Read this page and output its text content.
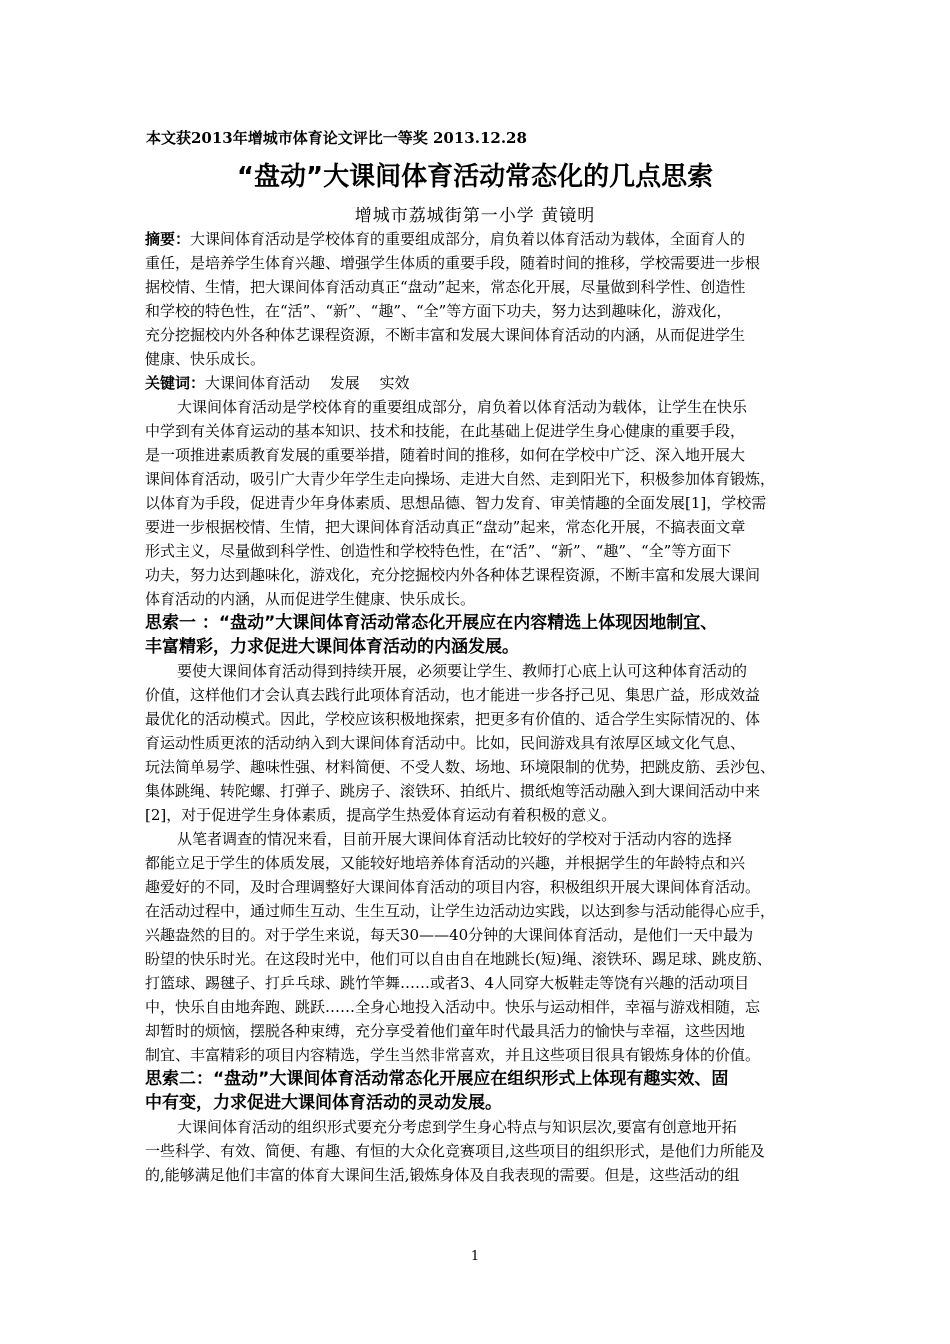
本文获2013年增城市体育论文评比一等奖 2013.12.28
“盘动”大课间体育活动常态化的几点思索
增城市荔城街第一小学 黄镜明
摘要：大课间体育活动是学校体育的重要组成部分，肩负着以体育活动为载体，全面育人的
重任，是培养学生体育兴趣、增强学生体质的重要手段，随着时间的推移，学校需要进一步根
据校情、生情，把大课间体育活动真正“盘动”起来，常态化开展，尽量做到科学性、创造性
和学校的特色性，在“活”、“新”、“趣”、“全”等方面下功夫，努力达到趣味化，游戏化，
充分挖掘校内外各种体艺课程资源，不断丰富和发展大课间体育活动的内涵，从而促进学生
健康、快乐成长。
关键词：大课间体育活动　 发展　 实效
大课间体育活动是学校体育的重要组成部分，肩负着以体育活动为载体，让学生在快乐
中学到有关体育运动的基本知识、技术和技能，在此基础上促进学生身心健康的重要手段，
是一项推进素质教育发展的重要举措，随着时间的推移，如何在学校中广泛、深入地开展大
课间体育活动，吸引广大青少年学生走向操场、走进大自然、走到阳光下，积极参加体育锻炼，
以体育为手段，促进青少年身体素质、思想品德、智力发育、审美情趣的全面发展[1]，学校需
要进一步根据校情、生情，把大课间体育活动真正“盘动”起来，常态化开展，不搞表面文章
形式主义，尽量做到科学性、创造性和学校特色性，在“活”、“新”、“趣”、“全”等方面下
功夫，努力达到趣味化，游戏化，充分挖掘校内外各种体艺课程资源，不断丰富和发展大课间
体育活动的内涵，从而促进学生健康、快乐成长。
思索一 ：“盘动”大课间体育活动常态化开展应在内容精选上体现因地制宜、
丰富精彩，力求促进大课间体育活动的内涵发展。
要使大课间体育活动得到持续开展，必须要让学生、教师打心底上认可这种体育活动的
价值，这样他们才会认真去践行此项体育活动，也才能进一步各抒己见、集思广益，形成效益
最优化的活动模式。因此，学校应该积极地探索，把更多有价值的、适合学生实际情况的、体
育运动性质更浓的活动纳入到大课间体育活动中。比如，民间游戏具有浓厚区域文化气息、
玩法简单易学、趣味性强、材料简便、不受人数、场地、环境限制的优势，把跳皮筋、丢沙包、
集体跳绳、转陀螺、打弹子、跳房子、滚铁环、拍纸片、掼纸炮等活动融入到大课间活动中来
[2]，对于促进学生身体素质，提高学生热爱体育运动有着积极的意义。
从笔者调查的情况来看，目前开展大课间体育活动比较好的学校对于活动内容的选择
都能立足于学生的体质发展，又能较好地培养体育活动的兴趣，并根据学生的年龄特点和兴
趣爱好的不同，及时合理调整好大课间体育活动的项目内容，积极组织开展大课间体育活动。
在活动过程中，通过师生互动、生生互动，让学生边活动边实践，以达到参与活动能得心应手，
兴趣盎然的目的。对于学生来说，每天30——40分钟的大课间体育活动，是他们一天中最为
盼望的快乐时光。在这段时光中，他们可以自由自在地跳长(短)绳、滚铁环、踢足球、跳皮筋、
打篮球、踢毽子、打乒乓球、跳竹竿舞……或者3、4人同穿大板鞋走等饶有兴趣的活动项目
中，快乐自由地奔跑、跳跃……全身心地投入活动中。快乐与运动相伴，幸福与游戏相随，忘
却暂时的烦恼，摆脱各种束缚，充分享受着他们童年时代最具活力的愉快与幸福，这些因地
制宜、丰富精彩的项目内容精选，学生当然非常喜欢，并且这些项目很具有锻炼身体的价值。
思索二：“盘动”大课间体育活动常态化开展应在组织形式上体现有趣实效、固
中有变，力求促进大课间体育活动的灵动发展。
大课间体育活动的组织形式要充分考虑到学生身心特点与知识层次,要富有创意地开拓
一些科学、有效、简便、有趣、有恒的大众化竞赛项目,这些项目的组织形式，是他们力所能及
的,能够满足他们丰富的体育大课间生活,锻炼身体及自我表现的需要。但是，这些活动的组
1
